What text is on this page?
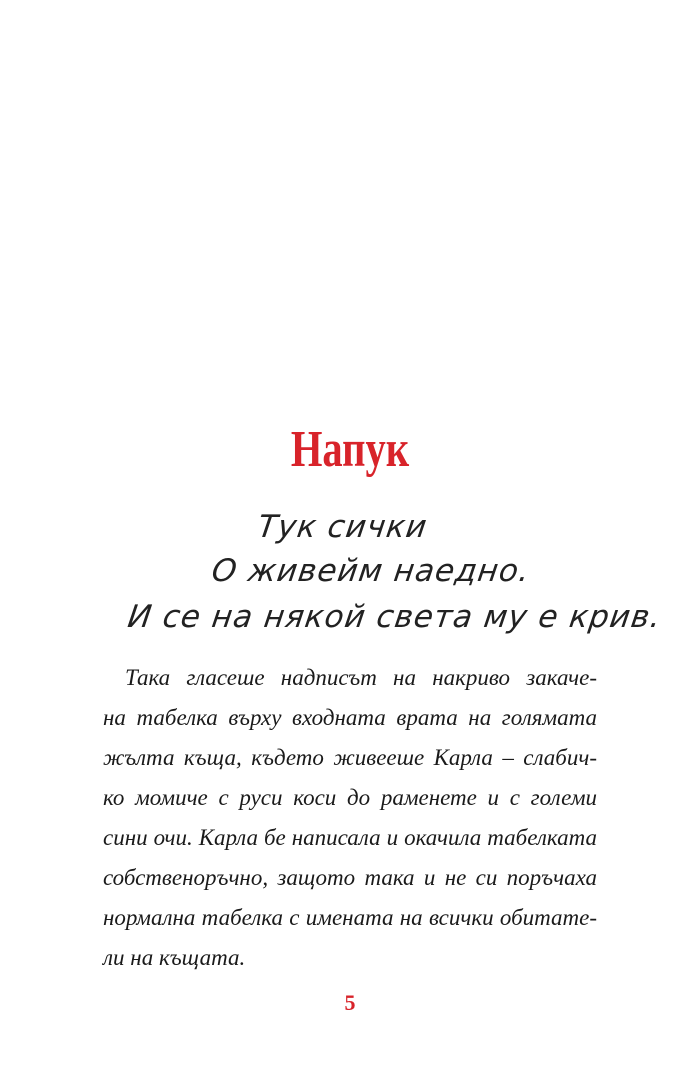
Напук
Тук сички
О живейм наедно.
И се на някой света му е крив.
Така гласеше надписът на накриво закаче-
на табелка върху входната врата на голямата
жълта къща, където живееше Карла – слабич-
ко момиче с руси коси до раменете и с големи
сини очи. Карла бе написала и окачила табелката
собственоръчно, защото така и не си поръчаха
нормална табелка с имената на всички обитате-
ли на къщата.
5
